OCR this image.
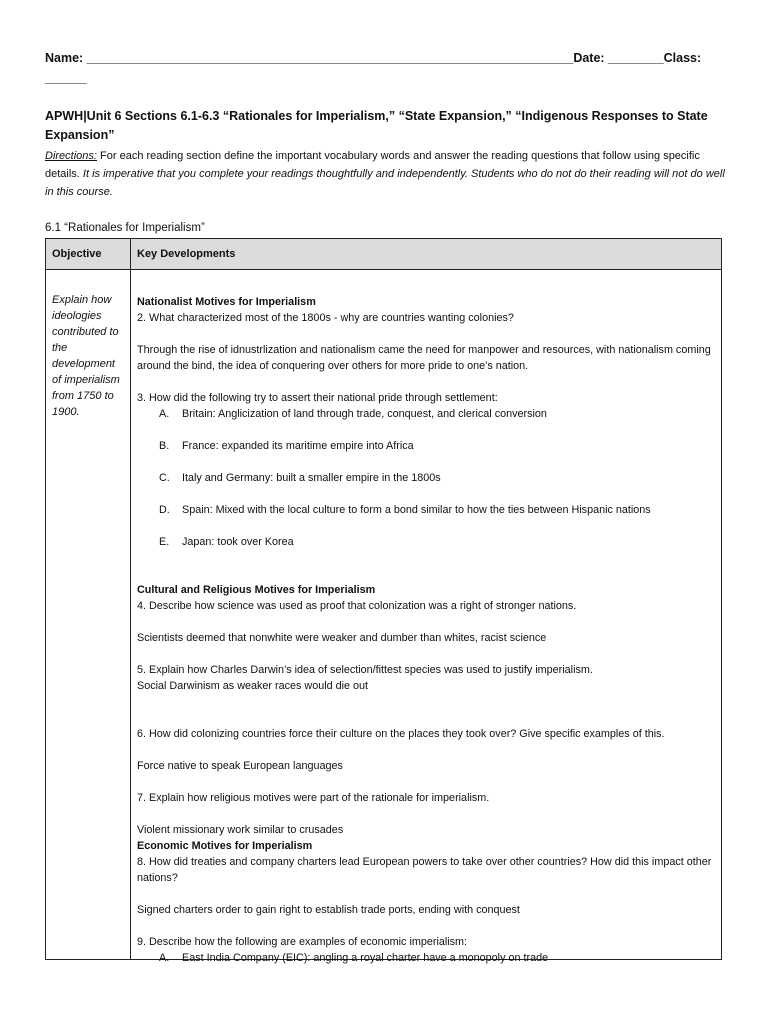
Name: ______________________________________________________________________Date: ________Class:
______
APWH|Unit 6 Sections 6.1-6.3 “Rationales for Imperialism,” “State Expansion,” “Indigenous Responses to State Expansion”
Directions: For each reading section define the important vocabulary words and answer the reading questions that follow using specific details. It is imperative that you complete your readings thoughtfully and independently. Students who do not do their reading will not do well in this course.
6.1 “Rationales for Imperialism”
Objective	Key Developments
Explain how ideologies contributed to the development of imperialism from 1750 to 1900.

Nationalist Motives for Imperialism

2. What characterized most of the 1800s - why are countries wanting colonies?

Through the rise of idnustrlization and nationalism came the need for manpower and resources, with nationalism coming around the bind, the idea of conquering over others for more pride to one’s nation.

3. How did the following try to assert their national pride through settlement:

A. Britain: Anglicization of land through trade, conquest, and clerical conversion
B. France: expanded its maritime empire into Africa
C. Italy and Germany: built a smaller empire in the 1800s
D. Spain: Mixed with the local culture to form a bond similar to how the ties between Hispanic nations
E. Japan: took over Korea

Cultural and Religious Motives for Imperialism

4. Describe how science was used as proof that colonization was a right of stronger nations.

Scientists deemed that nonwhite were weaker and dumber than whites, racist science

5. Explain how Charles Darwin’s idea of selection/fittest species was used to justify imperialism.

Social Darwinism as weaker races would die out

6. How did colonizing countries force their culture on the places they took over? Give specific examples of this.

Force native to speak European languages

7. Explain how religious motives were part of the rationale for imperialism.

Violent missionary work similar to crusades

Economic Motives for Imperialism

8. How did treaties and company charters lead European powers to take over other countries? How did this impact other nations?

Signed charters order to gain right to establish trade ports, ending with conquest

9. Describe how the following are examples of economic imperialism:

A. East India Company (EIC): angling a royal charter have a monopoly on trade
